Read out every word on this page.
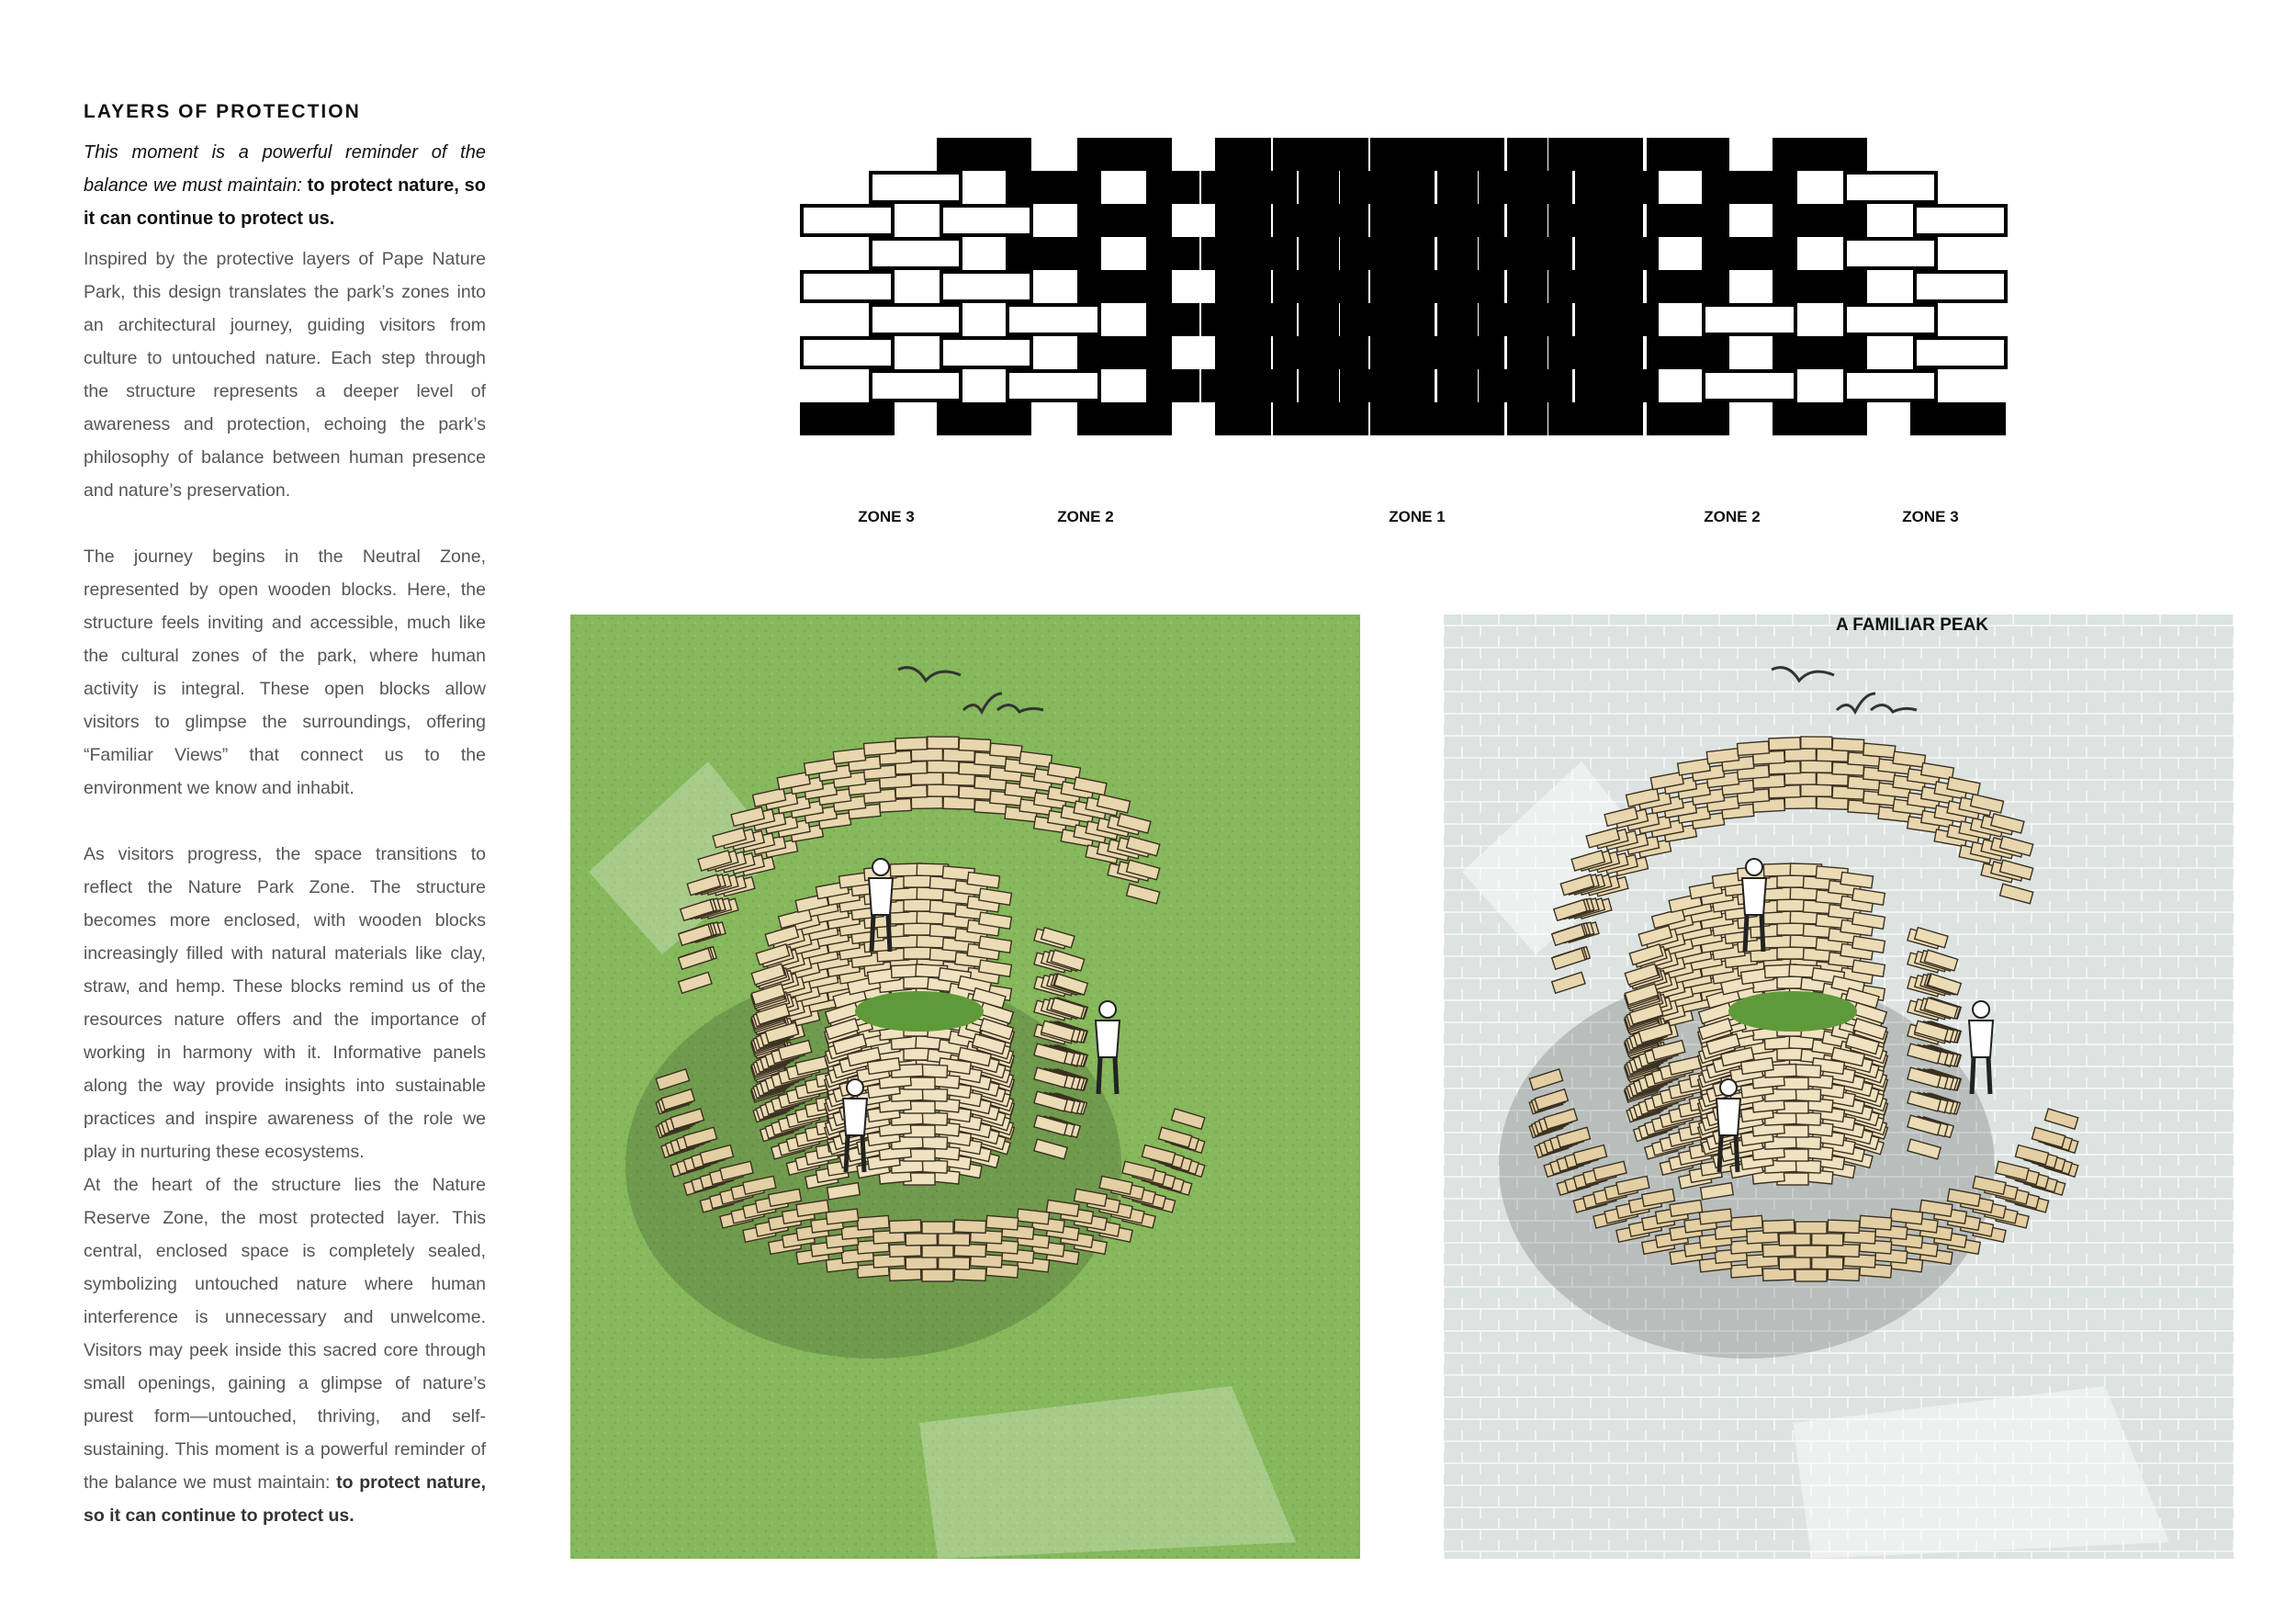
LAYERS OF PROTECTION

This moment is a powerful reminder of the balance we must maintain: to protect nature, so it can continue to protect us.

Inspired by the protective layers of Pape Nature Park, this design translates the park’s zones into an architectural journey, guiding visitors from culture to untouched nature. Each step through the structure represents a deeper level of awareness and protection, echoing the park’s philosophy of balance between human presence and nature’s preservation.

The journey begins in the Neutral Zone, represented by open wooden blocks. Here, the structure feels inviting and accessible, much like the cultural zones of the park, where human activity is integral. These open blocks allow visitors to glimpse the surroundings, offering “Familiar Views” that connect us to the environment we know and inhabit.

As visitors progress, the space transitions to reflect the Nature Park Zone. The structure becomes more enclosed, with wooden blocks increasingly filled with natural materials like clay, straw, and hemp. These blocks remind us of the resources nature offers and the importance of working in harmony with it. Informative panels along the way provide insights into sustainable practices and inspire awareness of the role we play in nurturing these ecosystems.

At the heart of the structure lies the Nature Reserve Zone, the most protected layer. This central, enclosed space is completely sealed, symbolizing untouched nature where human interference is unnecessary and unwelcome. Visitors may peek inside this sacred core through small openings, gaining a glimpse of nature’s purest form—untouched, thriving, and self-sustaining. This moment is a powerful reminder of the balance we must maintain: to protect nature, so it can continue to protect us.

ZONE 3	ZONE 2	ZONE 1	ZONE 2	ZONE 3
A FAMILIAR PEAK
